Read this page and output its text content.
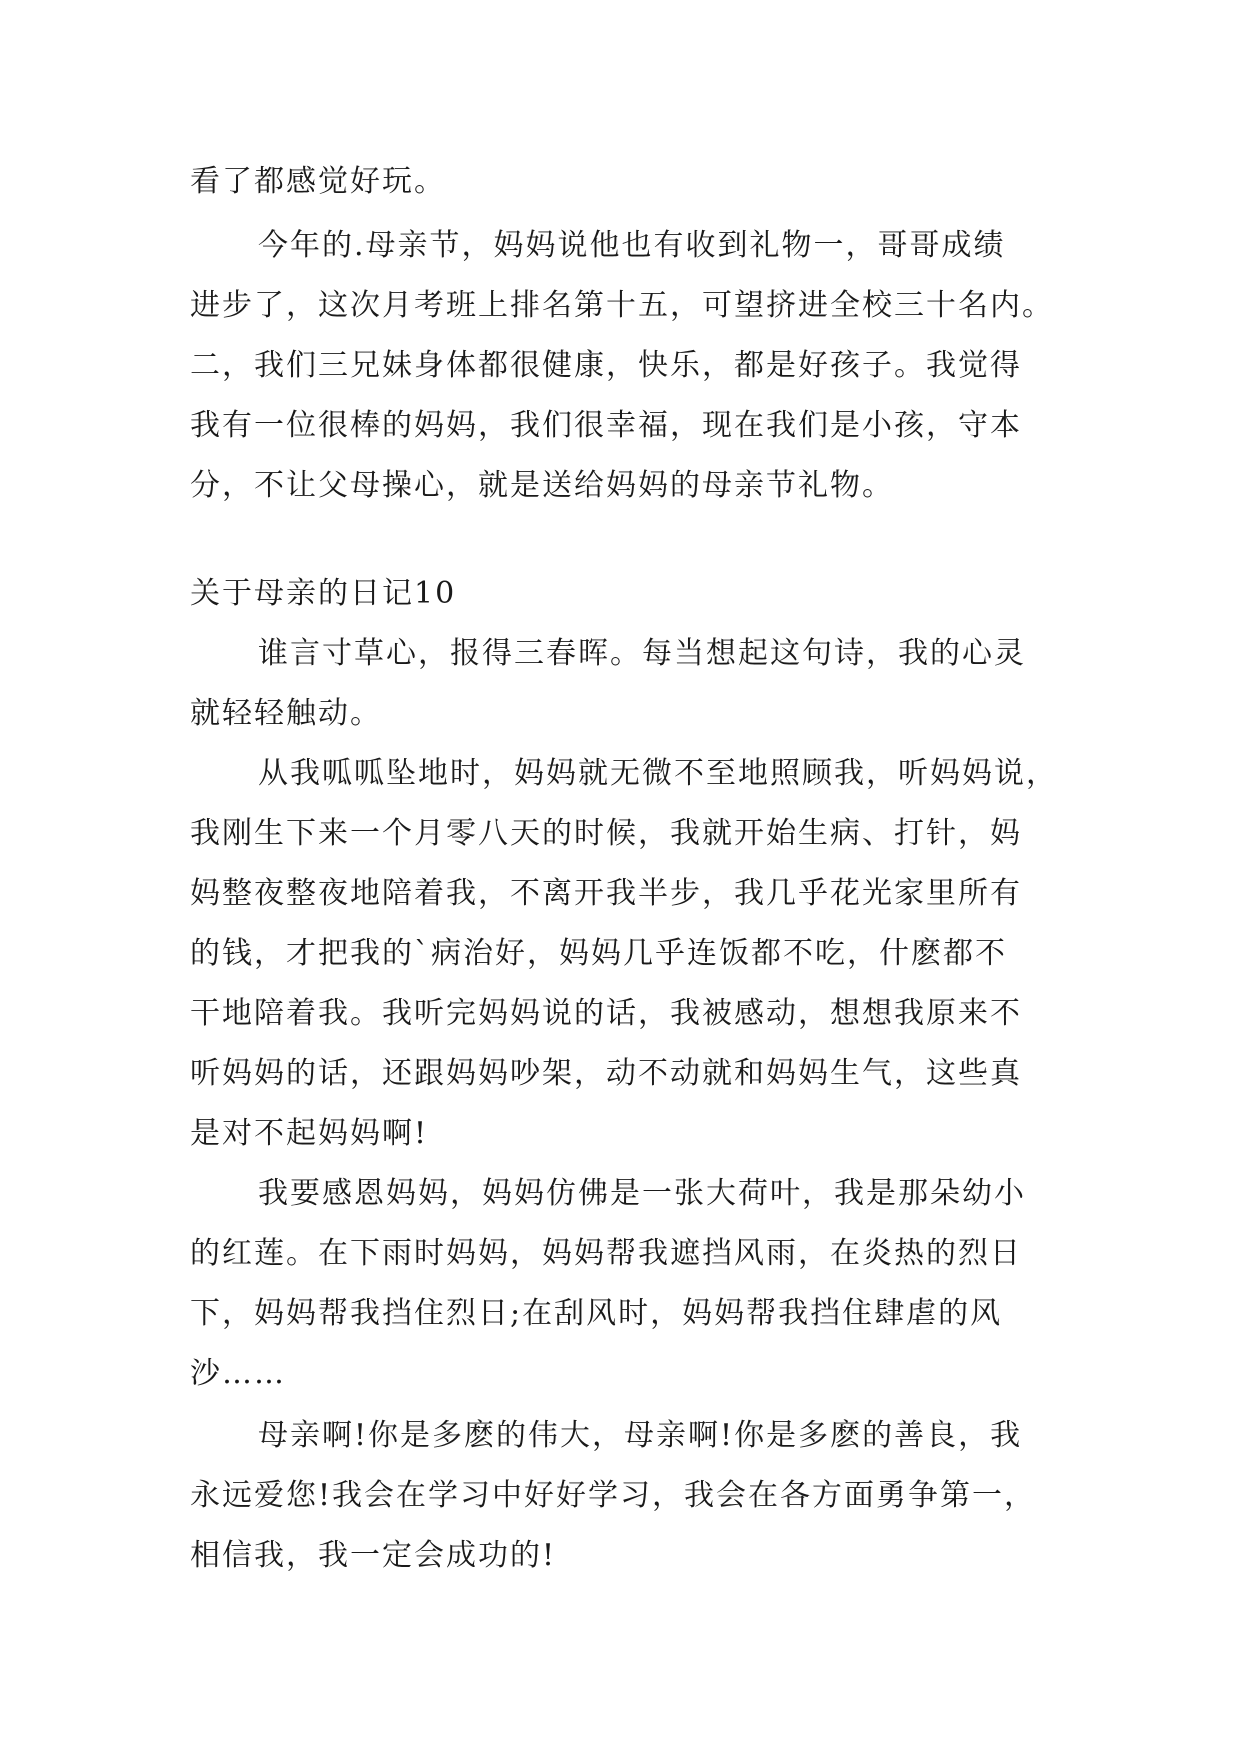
看了都感觉好玩。
今年的.母亲节，妈妈说他也有收到礼物一，哥哥成绩
进步了，这次月考班上排名第十五，可望挤进全校三十名内。
二，我们三兄妹身体都很健康，快乐，都是好孩子。我觉得
我有一位很棒的妈妈，我们很幸福，现在我们是小孩，守本
分，不让父母操心，就是送给妈妈的母亲节礼物。
关于母亲的日记10
谁言寸草心，报得三春晖。每当想起这句诗，我的心灵
就轻轻触动。
从我呱呱坠地时，妈妈就无微不至地照顾我，听妈妈说，
我刚生下来一个月零八天的时候，我就开始生病、打针，妈
妈整夜整夜地陪着我，不离开我半步，我几乎花光家里所有
的钱，才把我的`病治好，妈妈几乎连饭都不吃，什麽都不
干地陪着我。我听完妈妈说的话，我被感动，想想我原来不
听妈妈的话，还跟妈妈吵架，动不动就和妈妈生气，这些真
是对不起妈妈啊!
我要感恩妈妈，妈妈仿佛是一张大荷叶，我是那朵幼小
的红莲。在下雨时妈妈，妈妈帮我遮挡风雨，在炎热的烈日
下，妈妈帮我挡住烈日;在刮风时，妈妈帮我挡住肆虐的风
沙……
母亲啊!你是多麽的伟大，母亲啊!你是多麽的善良，我
永远爱您!我会在学习中好好学习，我会在各方面勇争第一，
相信我，我一定会成功的!
